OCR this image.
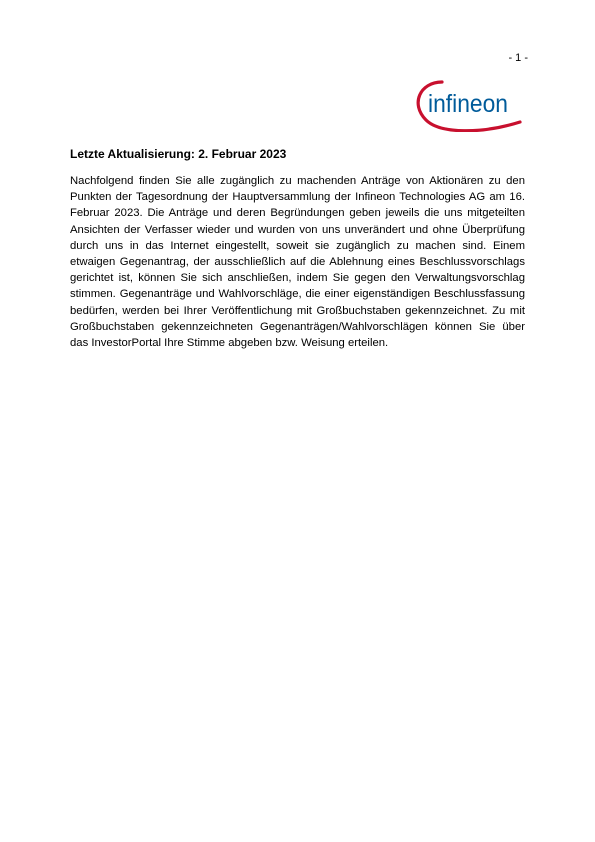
- 1 -
infineon
Letzte Aktualisierung: 2. Februar 2023

Nachfolgend finden Sie alle zugänglich zu machenden Anträge von Aktionären zu den Punkten der Tagesordnung der Hauptversammlung der Infineon Technologies AG am 16. Februar 2023. Die Anträge und deren Begründungen geben jeweils die uns mitgeteilten Ansichten der Verfasser wieder und wurden von uns unverändert und ohne Überprüfung durch uns in das Internet eingestellt, soweit sie zugänglich zu machen sind. Einem etwaigen Gegenantrag, der ausschließlich auf die Ablehnung eines Beschlussvorschlags gerichtet ist, können Sie sich anschließen, indem Sie gegen den Verwaltungsvorschlag stimmen. Gegenanträge und Wahlvorschläge, die einer eigenständigen Beschlussfassung bedürfen, werden bei Ihrer Veröffentlichung mit Großbuchstaben gekennzeichnet. Zu mit Großbuchstaben gekennzeichneten Gegenanträgen/Wahlvorschlägen können Sie über das InvestorPortal Ihre Stimme abgeben bzw. Weisung erteilen.
